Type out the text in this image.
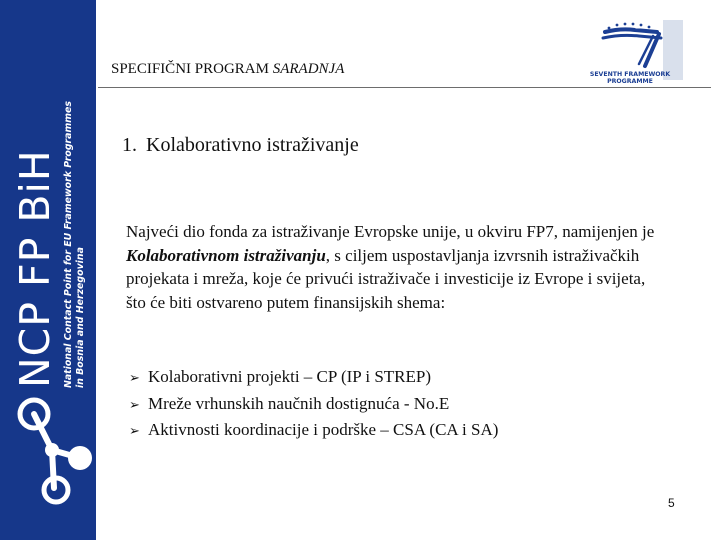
NCP FP BiH National Contact Point for EU Framework Programmes in Bosnia and Herzegovina
SPECIFIČNI PROGRAM SARADNJA	SEVENTH FRAMEWORK
PROGRAMME
1. Kolaborativno istraživanje
Najveći dio fonda za istraživanje Evropske unije, u okviru FP7, namijenjen je Kolaborativnom istraživanju, s ciljem uspostavljanja izvrsnih istraživačkih projekata i mreža, koje će privući istraživače i investicije iz Evrope i svijeta, što će biti ostvareno putem finansijskih shema:
➢ Kolaborativni projekti – CP (IP i STREP)
➢ Mreže vrhunskih naučnih dostignuća - No.E
➢ Aktivnosti koordinacije i podrške – CSA (CA i SA)
5
